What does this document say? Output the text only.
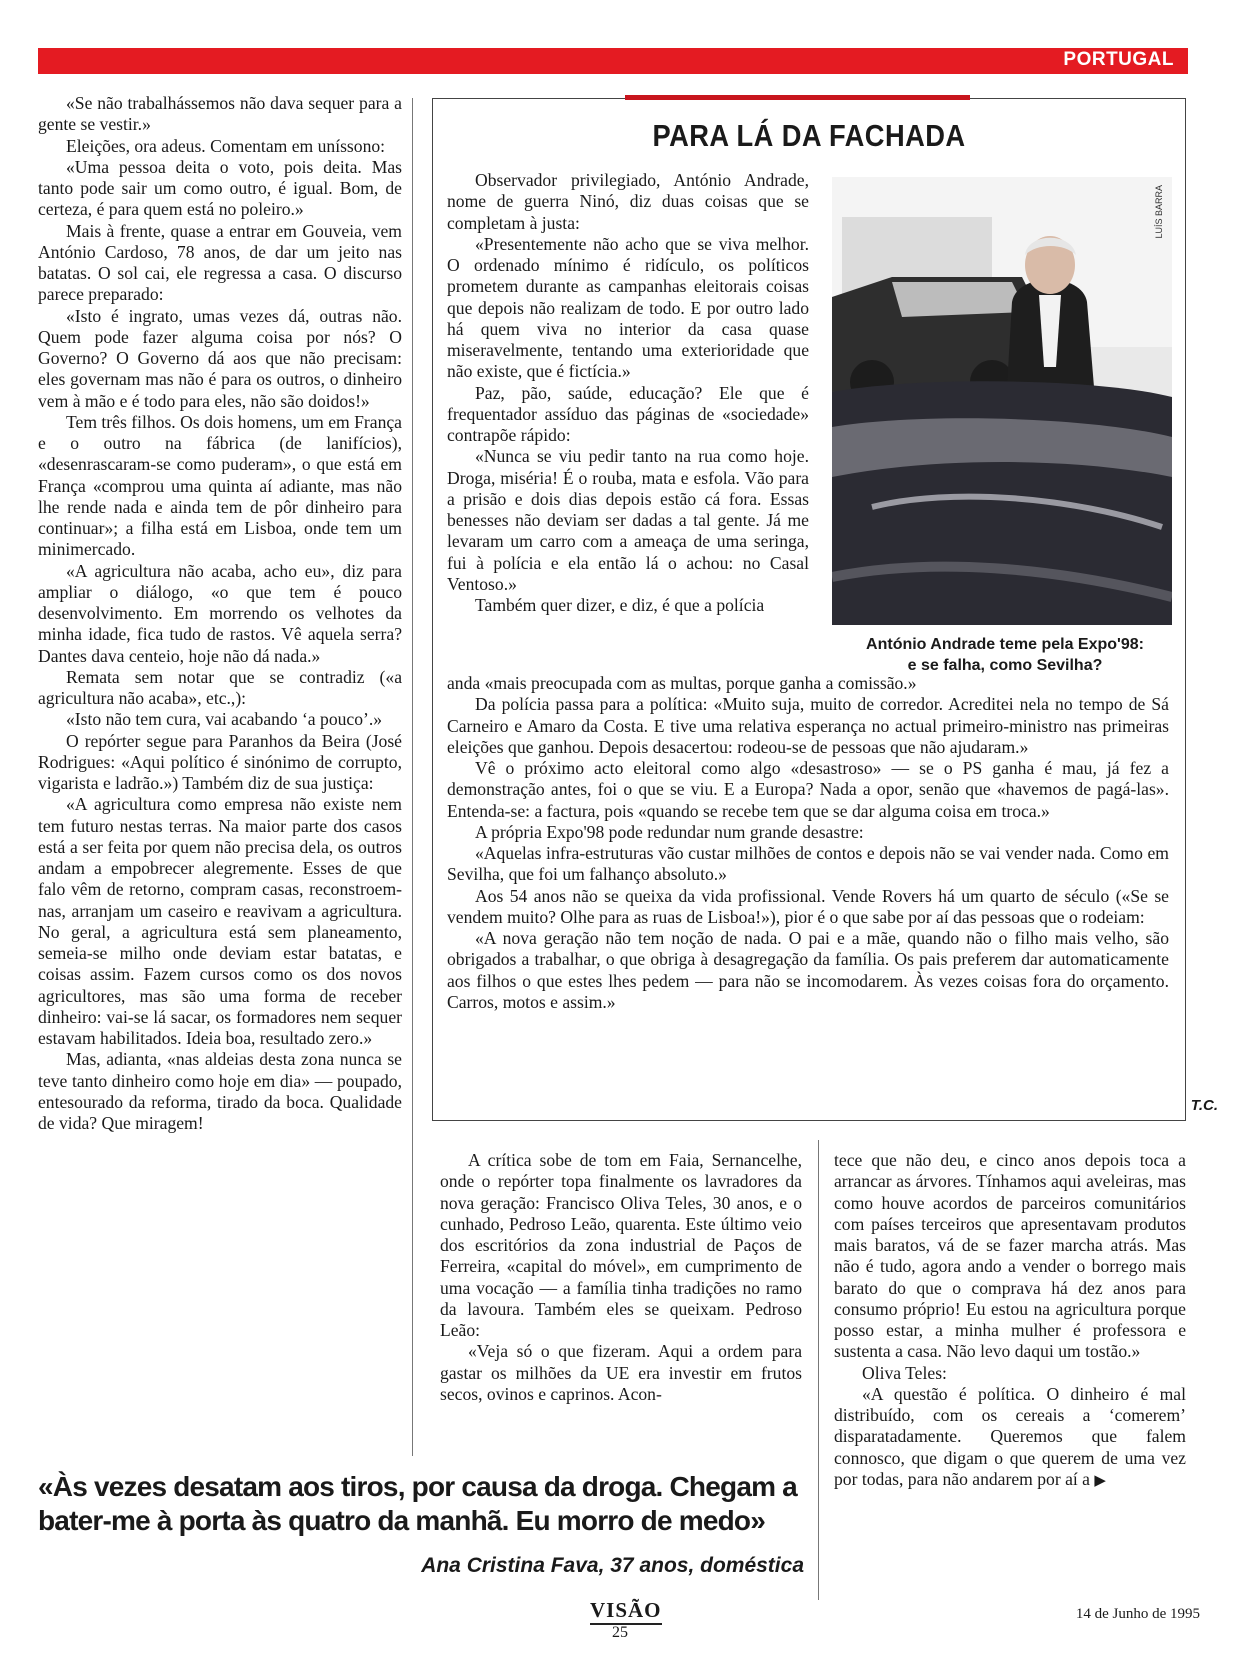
PORTUGAL

«Se não trabalhássemos não dava sequer para a gente se vestir.»

Eleições, ora adeus. Comentam em uníssono:

«Uma pessoa deita o voto, pois deita. Mas tanto pode sair um como outro, é igual. Bom, de certeza, é para quem está no poleiro.»

Mais à frente, quase a entrar em Gouveia, vem António Cardoso, 78 anos, de dar um jeito nas batatas. O sol cai, ele regressa a casa. O discurso parece preparado:

«Isto é ingrato, umas vezes dá, outras não. Quem pode fazer alguma coisa por nós? O Governo? O Governo dá aos que não precisam: eles governam mas não é para os outros, o dinheiro vem à mão e é todo para eles, não são doidos!»

Tem três filhos. Os dois homens, um em França e o outro na fábrica (de lanifícios), «desenrascaram-se como puderam», o que está em França «comprou uma quinta aí adiante, mas não lhe rende nada e ainda tem de pôr dinheiro para continuar»; a filha está em Lisboa, onde tem um minimercado.

«A agricultura não acaba, acho eu», diz para ampliar o diálogo, «o que tem é pouco desenvolvimento. Em morrendo os velhotes da minha idade, fica tudo de rastos. Vê aquela serra? Dantes dava centeio, hoje não dá nada.»

Remata sem notar que se contradiz («a agricultura não acaba», etc.,):

«Isto não tem cura, vai acabando ‘a pouco’.»

O repórter segue para Paranhos da Beira (José Rodrigues: «Aqui político é sinónimo de corrupto, vigarista e ladrão.») Também diz de sua justiça:

«A agricultura como empresa não existe nem tem futuro nestas terras. Na maior parte dos casos está a ser feita por quem não precisa dela, os outros andam a empobrecer alegremente. Esses de que falo vêm de retorno, compram casas, reconstroem-nas, arranjam um caseiro e reavivam a agricultura. No geral, a agricultura está sem planeamento, semeia-se milho onde deviam estar batatas, e coisas assim. Fazem cursos como os dos novos agricultores, mas são uma forma de receber dinheiro: vai-se lá sacar, os formadores nem sequer estavam habilitados. Ideia boa, resultado zero.»

Mas, adianta, «nas aldeias desta zona nunca se teve tanto dinheiro como hoje em dia» — poupado, entesourado da reforma, tirado da boca. Qualidade de vida? Que miragem!

PARA LÁ DA FACHADA

Observador privilegiado, António Andrade, nome de guerra Ninó, diz duas coisas que se completam à justa:

«Presentemente não acho que se viva melhor. O ordenado mínimo é ridículo, os políticos prometem durante as campanhas eleitorais coisas que depois não realizam de todo. E por outro lado há quem viva no interior da casa quase miseravelmente, tentando uma exterioridade que não existe, que é fictícia.»

Paz, pão, saúde, educação? Ele que é frequentador assíduo das páginas de «sociedade» contrapõe rápido:

«Nunca se viu pedir tanto na rua como hoje. Droga, miséria! É o rouba, mata e esfola. Vão para a prisão e dois dias depois estão cá fora. Essas benesses não deviam ser dadas a tal gente. Já me levaram um carro com a ameaça de uma seringa, fui à polícia e ela então lá o achou: no Casal Ventoso.»

Também quer dizer, e diz, é que a polícia

LUÍS BARRA
António Andrade teme pela Expo'98:
e se falha, como Sevilha?

anda «mais preocupada com as multas, porque ganha a comissão.»

Da polícia passa para a política: «Muito suja, muito de corredor. Acreditei nela no tempo de Sá Carneiro e Amaro da Costa. E tive uma relativa esperança no actual primeiro-ministro nas primeiras eleições que ganhou. Depois desacertou: rodeou-se de pessoas que não ajudaram.»

Vê o próximo acto eleitoral como algo «desastroso» — se o PS ganha é mau, já fez a demonstração antes, foi o que se viu. E a Europa? Nada a opor, senão que «havemos de pagá-las». Entenda-se: a factura, pois «quando se recebe tem que se dar alguma coisa em troca.»

A própria Expo'98 pode redundar num grande desastre:

«Aquelas infra-estruturas vão custar milhões de contos e depois não se vai vender nada. Como em Sevilha, que foi um falhanço absoluto.»

Aos 54 anos não se queixa da vida profissional. Vende Rovers há um quarto de século («Se se vendem muito? Olhe para as ruas de Lisboa!»), pior é o que sabe por aí das pessoas que o rodeiam:

«A nova geração não tem noção de nada. O pai e a mãe, quando não o filho mais velho, são obrigados a trabalhar, o que obriga à desagregação da família. Os pais preferem dar automaticamente aos filhos o que estes lhes pedem — para não se incomodarem. Às vezes coisas fora do orçamento. Carros, motos e assim.»

T.C.

A crítica sobe de tom em Faia, Sernancelhe, onde o repórter topa finalmente os lavradores da nova geração: Francisco Oliva Teles, 30 anos, e o cunhado, Pedroso Leão, quarenta. Este último veio dos escritórios da zona industrial de Paços de Ferreira, «capital do móvel», em cumprimento de uma vocação — a família tinha tradições no ramo da lavoura. Também eles se queixam. Pedroso Leão:

«Veja só o que fizeram. Aqui a ordem para gastar os milhões da UE era investir em frutos secos, ovinos e caprinos. Acon-

tece que não deu, e cinco anos depois toca a arrancar as árvores. Tínhamos aqui aveleiras, mas como houve acordos de parceiros comunitários com países terceiros que apresentavam produtos mais baratos, vá de se fazer marcha atrás. Mas não é tudo, agora ando a vender o borrego mais barato do que o comprava há dez anos para consumo próprio! Eu estou na agricultura porque posso estar, a minha mulher é professora e sustenta a casa. Não levo daqui um tostão.»

Oliva Teles:

«A questão é política. O dinheiro é mal distribuído, com os cereais a ‘comerem’ disparatadamente. Queremos que falem connosco, que digam o que querem de uma vez por todas, para não andarem por aí a ▶

«Às vezes desatam aos tiros, por causa da droga. Chegam a bater-me à porta às quatro da manhã. Eu morro de medo»
Ana Cristina Fava, 37 anos, doméstica
VISÃO
25
14 de Junho de 1995
